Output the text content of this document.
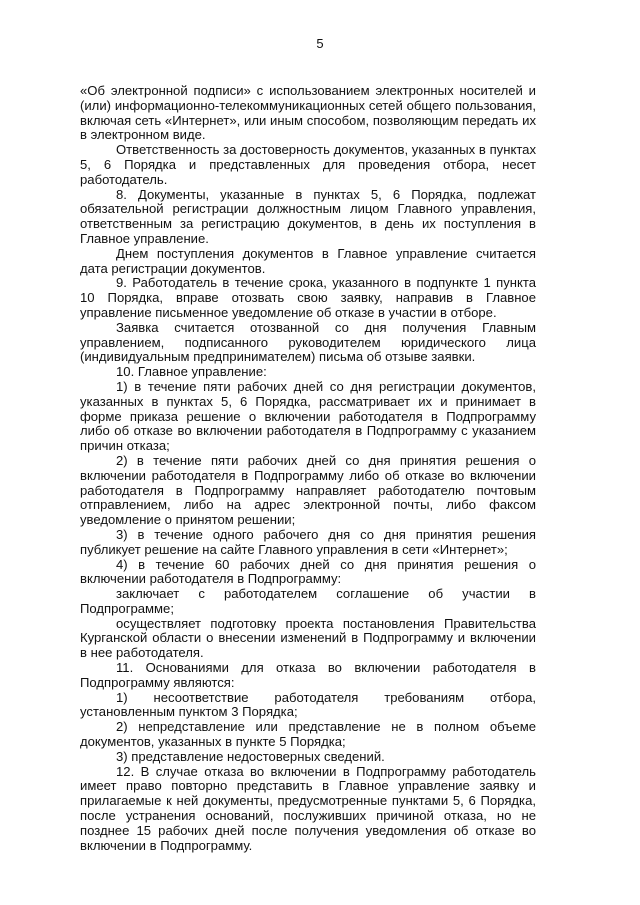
5

«Об электронной подписи» с использованием электронных носителей и (или) информационно-телекоммуникационных сетей общего пользования, включая сеть «Интернет», или иным способом, позволяющим передать их в электронном виде.

Ответственность за достоверность документов, указанных в пунктах 5, 6 Порядка и представленных для проведения отбора, несет работодатель.

8. Документы, указанные в пунктах 5, 6 Порядка, подлежат обязательной регистрации должностным лицом Главного управления, ответственным за регистрацию документов, в день их поступления в Главное управление.

Днем поступления документов в Главное управление считается дата регистрации документов.

9. Работодатель в течение срока, указанного в подпункте 1 пункта 10 Порядка, вправе отозвать свою заявку, направив в Главное управление письменное уведомление об отказе в участии в отборе.

Заявка считается отозванной со дня получения Главным управлением, подписанного руководителем юридического лица (индивидуальным предпринимателем) письма об отзыве заявки.

10. Главное управление:

1) в течение пяти рабочих дней со дня регистрации документов, указанных в пунктах 5, 6 Порядка, рассматривает их и принимает в форме приказа решение о включении работодателя в Подпрограмму либо об отказе во включении работодателя в Подпрограмму с указанием причин отказа;

2) в течение пяти рабочих дней со дня принятия решения о включении работодателя в Подпрограмму либо об отказе во включении работодателя в Подпрограмму направляет работодателю почтовым отправлением, либо на адрес электронной почты, либо факсом уведомление о принятом решении;

3) в течение одного рабочего дня со дня принятия решения публикует решение на сайте Главного управления в сети «Интернет»;

4) в течение 60 рабочих дней со дня принятия решения о включении работодателя в Подпрограмму:

заключает с работодателем соглашение об участии в Подпрограмме;

осуществляет подготовку проекта постановления Правительства Курганской области о внесении изменений в Подпрограмму и включении в нее работодателя.

11. Основаниями для отказа во включении работодателя в Подпрограмму являются:

1) несоответствие работодателя требованиям отбора, установленным пунктом 3 Порядка;

2) непредставление или представление не в полном объеме документов, указанных в пункте 5 Порядка;

3) представление недостоверных сведений.

12. В случае отказа во включении в Подпрограмму работодатель имеет право повторно представить в Главное управление заявку и прилагаемые к ней документы, предусмотренные пунктами 5, 6 Порядка, после устранения оснований, послуживших причиной отказа, но не позднее 15 рабочих дней после получения уведомления об отказе во включении в Подпрограмму.
